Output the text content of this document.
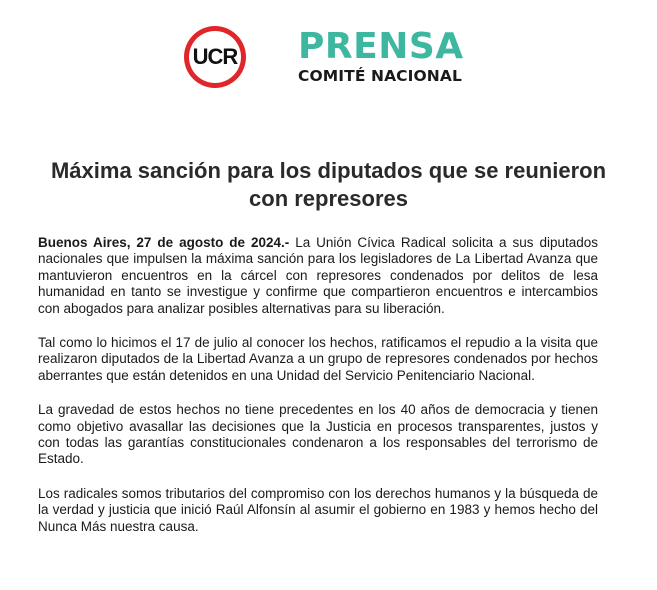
UCR PRENSA
COMITÉ NACIONAL
Máxima sanción para los diputados que se reunieron con represores

Buenos Aires, 27 de agosto de 2024.- La Unión Cívica Radical solicita a sus diputados nacionales que impulsen la máxima sanción para los legisladores de La Libertad Avanza que mantuvieron encuentros en la cárcel con represores condenados por delitos de lesa humanidad en tanto se investigue y confirme que compartieron encuentros e intercambios con abogados para analizar posibles alternativas para su liberación.

Tal como lo hicimos el 17 de julio al conocer los hechos, ratificamos el repudio a la visita que realizaron diputados de la Libertad Avanza a un grupo de represores condenados por hechos aberrantes que están detenidos en una Unidad del Servicio Penitenciario Nacional.

La gravedad de estos hechos no tiene precedentes en los 40 años de democracia y tienen como objetivo avasallar las decisiones que la Justicia en procesos transparentes, justos y con todas las garantías constitucionales condenaron a los responsables del terrorismo de Estado.

Los radicales somos tributarios del compromiso con los derechos humanos y la búsqueda de la verdad y justicia que inició Raúl Alfonsín al asumir el gobierno en 1983 y hemos hecho del Nunca Más nuestra causa.
